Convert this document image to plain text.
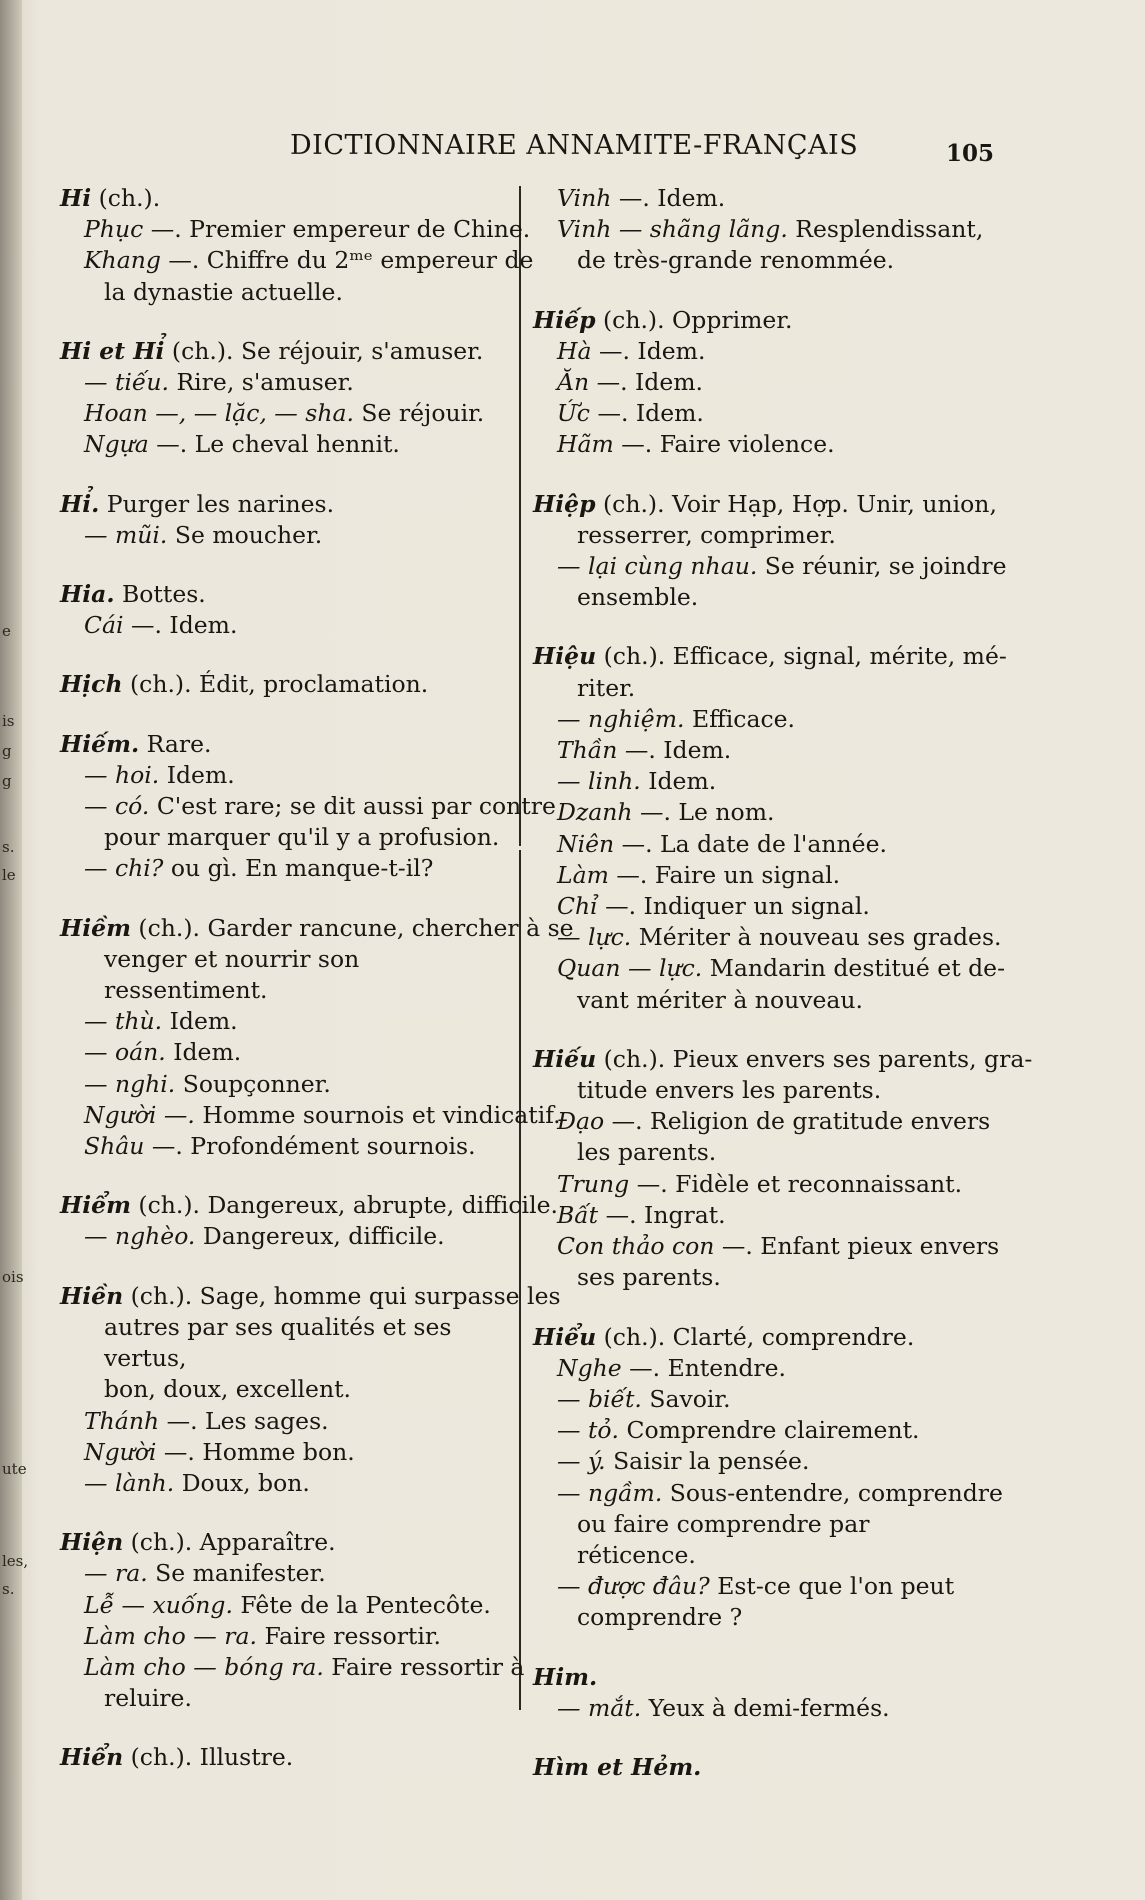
e
is
g
g
s.
le
ois
ute
les,
s.
DICTIONNAIRE ANNAMITE-FRANÇAIS	105
Hi (ch.).
Phục —. Premier empereur de Chine.
Khang —. Chiffre du 2ᵐᵉ empereur de
la dynastie actuelle.
Hi et Hỉ (ch.). Se réjouir, s'amuser.
— tiếu. Rire, s'amuser.
Hoan —, — lặc, — sha. Se réjouir.
Ngựa —. Le cheval hennit.
Hỉ. Purger les narines.
— mũi. Se moucher.
Hia. Bottes.
Cái —. Idem.
Hịch (ch.). Édit, proclamation.
Hiếm. Rare.
— hoi. Idem.
— có. C'est rare; se dit aussi par contre
pour marquer qu'il y a profusion.
— chi? ou gì. En manque-t-il?
Hiềm (ch.). Garder rancune, chercher à se
venger et nourrir son ressentiment.
— thù. Idem.
— oán. Idem.
— nghi. Soupçonner.
Người —. Homme sournois et vindicatif.
Shâu —. Profondément sournois.
Hiểm (ch.). Dangereux, abrupte, difficile.
— nghèo. Dangereux, difficile.
Hiền (ch.). Sage, homme qui surpasse les
autres par ses qualités et ses vertus,
bon, doux, excellent.
Thánh —. Les sages.
Người —. Homme bon.
— lành. Doux, bon.
Hiện (ch.). Apparaître.
— ra. Se manifester.
Lễ — xuống. Fête de la Pentecôte.
Làm cho — ra. Faire ressortir.
Làm cho — bóng ra. Faire ressortir à
reluire.
Hiển (ch.). Illustre.
Vinh —. Idem.
Vinh — shãng lãng. Resplendissant,
de très-grande renommée.
Hiếp (ch.). Opprimer.
Hà —. Idem.
Ăn —. Idem.
Ức —. Idem.
Hãm —. Faire violence.
Hiệp (ch.). Voir Hạp, Hợp. Unir, union,
resserrer, comprimer.
— lại cùng nhau. Se réunir, se joindre
ensemble.
Hiệu (ch.). Efficace, signal, mérite, mé-
riter.
— nghiệm. Efficace.
Thần —. Idem.
— linh. Idem.
Dzanh —. Le nom.
Niên —. La date de l'année.
Làm —. Faire un signal.
Chỉ —. Indiquer un signal.
— lực. Mériter à nouveau ses grades.
Quan — lực. Mandarin destitué et de-
vant mériter à nouveau.
Hiếu (ch.). Pieux envers ses parents, gra-
titude envers les parents.
Đạo —. Religion de gratitude envers
les parents.
Trung —. Fidèle et reconnaissant.
Bất —. Ingrat.
Con thảo con —. Enfant pieux envers
ses parents.
Hiểu (ch.). Clarté, comprendre.
Nghe —. Entendre.
— biết. Savoir.
— tỏ. Comprendre clairement.
— ý. Saisir la pensée.
— ngầm. Sous-entendre, comprendre
ou faire comprendre par réticence.
— được đâu? Est-ce que l'on peut
comprendre ?
Him.
— mắt. Yeux à demi-fermés.
Hìm et Hẻm.
